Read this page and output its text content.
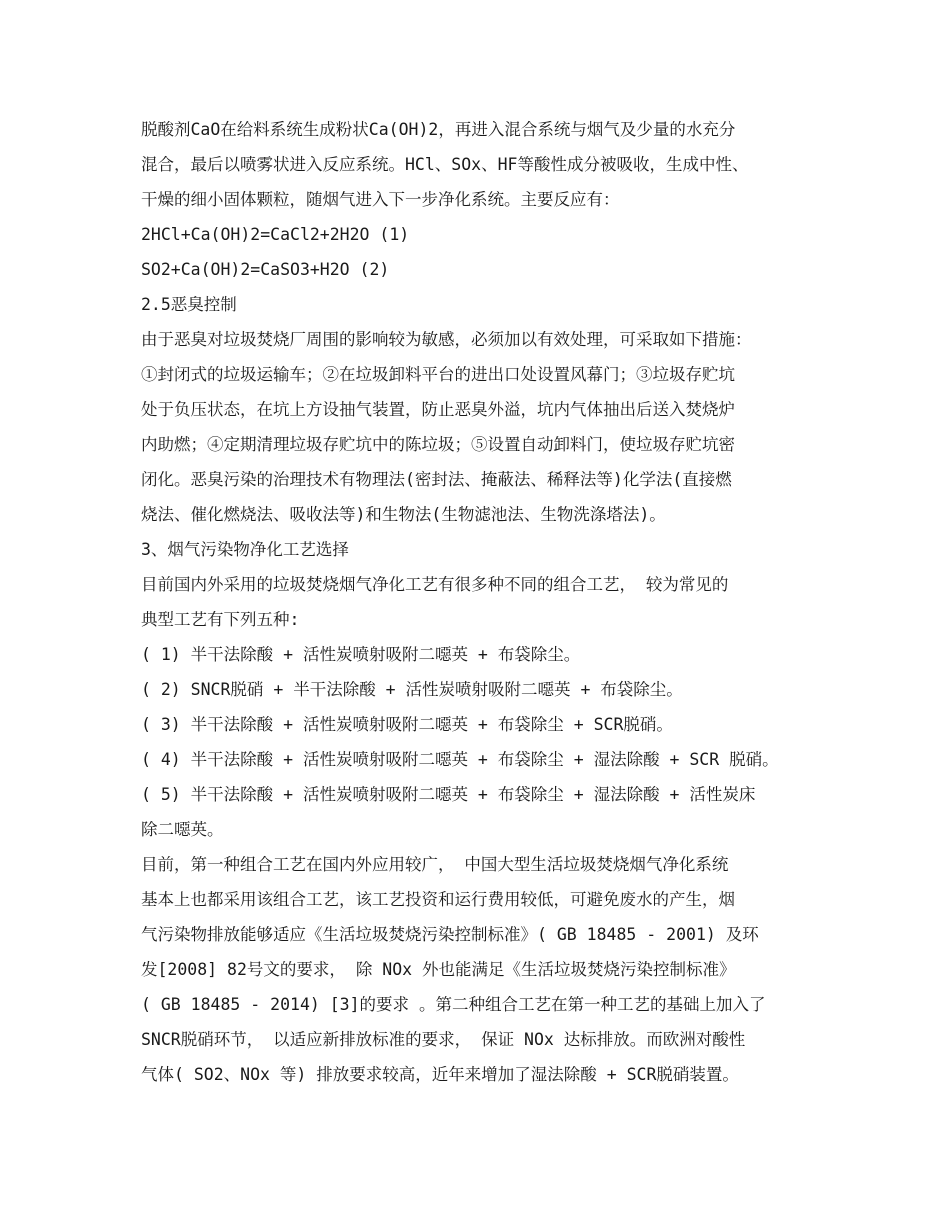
脱酸剂CaO在给料系统生成粉状Ca(OH)2，再进入混合系统与烟气及少量的水充分
混合，最后以喷雾状进入反应系统。HCl、SOx、HF等酸性成分被吸收，生成中性、
干燥的细小固体颗粒，随烟气进入下一步净化系统。主要反应有：
2HCl+Ca(OH)2=CaCl2+2H2O (1)
SO2+Ca(OH)2=CaSO3+H2O (2)
2.5恶臭控制
由于恶臭对垃圾焚烧厂周围的影响较为敏感，必须加以有效处理，可采取如下措施：
①封闭式的垃圾运输车；②在垃圾卸料平台的进出口处设置风幕门；③垃圾存贮坑
处于负压状态，在坑上方设抽气装置，防止恶臭外溢，坑内气体抽出后送入焚烧炉
内助燃；④定期清理垃圾存贮坑中的陈垃圾；⑤设置自动卸料门，使垃圾存贮坑密
闭化。恶臭污染的治理技术有物理法(密封法、掩蔽法、稀释法等)化学法(直接燃
烧法、催化燃烧法、吸收法等)和生物法(生物滤池法、生物洗涤塔法)。
3、烟气污染物净化工艺选择
目前国内外采用的垃圾焚烧烟气净化工艺有很多种不同的组合工艺， 较为常见的
典型工艺有下列五种:
( 1) 半干法除酸 + 活性炭喷射吸附二噁英 + 布袋除尘。
( 2) SNCR脱硝 + 半干法除酸 + 活性炭喷射吸附二噁英 + 布袋除尘。
( 3) 半干法除酸 + 活性炭喷射吸附二噁英 + 布袋除尘 + SCR脱硝。
( 4) 半干法除酸 + 活性炭喷射吸附二噁英 + 布袋除尘 + 湿法除酸 + SCR 脱硝。
( 5) 半干法除酸 + 活性炭喷射吸附二噁英 + 布袋除尘 + 湿法除酸 + 活性炭床
除二噁英。
目前，第一种组合工艺在国内外应用较广， 中国大型生活垃圾焚烧烟气净化系统
基本上也都采用该组合工艺，该工艺投资和运行费用较低，可避免废水的产生，烟
气污染物排放能够适应《生活垃圾焚烧污染控制标准》( GB 18485 - 2001) 及环
发[2008] 82号文的要求， 除 NOx 外也能满足《生活垃圾焚烧污染控制标准》
( GB 18485 - 2014) [3]的要求 。第二种组合工艺在第一种工艺的基础上加入了
SNCR脱硝环节， 以适应新排放标准的要求， 保证 NOx 达标排放。而欧洲对酸性
气体( SO2、NOx 等) 排放要求较高，近年来增加了湿法除酸 + SCR脱硝装置。
